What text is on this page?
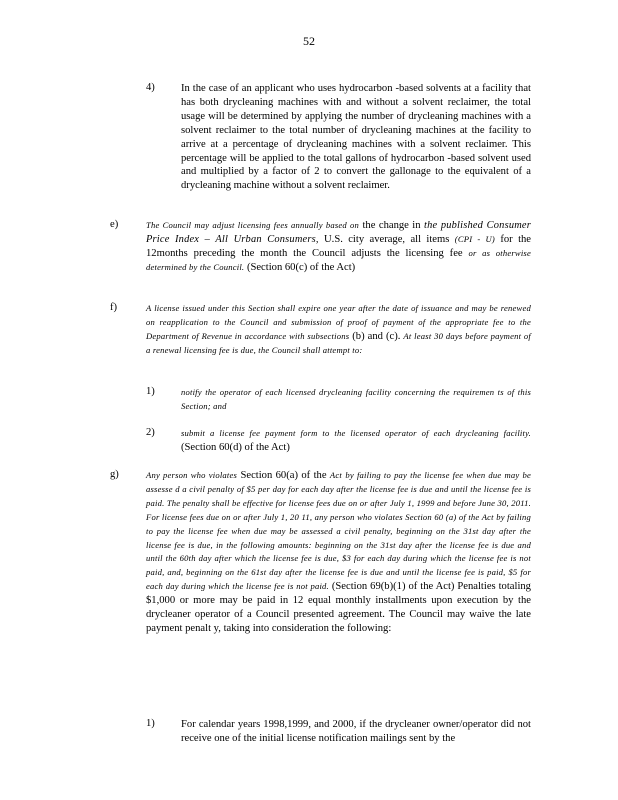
52
4) In the case of an applicant who uses hydrocarbon -based solvents at a facility that has both drycleaning machines with and without a solvent reclaimer, the total usage will be determined by applying the number of drycleaning machines with a solvent reclaimer to the total number of drycleaning machines at the facility to arrive at a percentage of drycleaning machines with a solvent reclaimer. This percentage will be applied to the total gallons of hydrocarbon -based solvent used and multiplied by a factor of 2 to convert the gallonage to the equivalent of a drycleaning machine without a solvent reclaimer.

e)	The Council may adjust licensing fees annually based on the change in the published Consumer Price Index – All Urban Consumers, U.S. city average, all items (CPI - U) for the 12months preceding the month the Council adjusts the licensing fee or as otherwise determined by the Council. (Section 60(c) of the Act)

f)	A license issued under this Section shall expire one year after the date of issuance and may be renewed on reapplication to the Council and submission of proof of payment of the appropriate fee to the Department of Revenue in accordance with subsections (b) and (c). At least 30 days before payment of a renewal licensing fee is due, the Council shall attempt to:

1)	notify the operator of each licensed drycleaning facility concerning the requiremen ts of this Section; and

2)	submit a license fee payment form to the licensed operator of each drycleaning facility. (Section 60(d) of the Act)

g)	Any person who violates Section 60(a) of the Act by failing to pay the license fee when due may be assesse d a civil penalty of $5 per day for each day after the license fee is due and until the license fee is paid. The penalty shall be effective for license fees due on or after July 1, 1999 and before June 30, 2011. For license fees due on or after July 1, 20 11, any person who violates Section 60 (a) of the Act by failing to pay the license fee when due may be assessed a civil penalty, beginning on the 31st day after the license fee is due, in the following amounts: beginning on the 31st day after the license fee is due and until the 60th day after which the license fee is due, $3 for each day during which the license fee is not paid, and, beginning on the 61st day after the license fee is due and until the license fee is paid, $5 for each day during which the license fee is not paid. (Section 69(b)(1) of the Act) Penalties totaling $1,000 or more may be paid in 12 equal monthly installments upon execution by the drycleaner operator of a Council presented agreement. The Council may waive the late payment penalt y, taking into consideration the following:

1) For calendar years 1998,1999, and 2000, if the drycleaner owner/operator did not receive one of the initial license notification mailings sent by the
